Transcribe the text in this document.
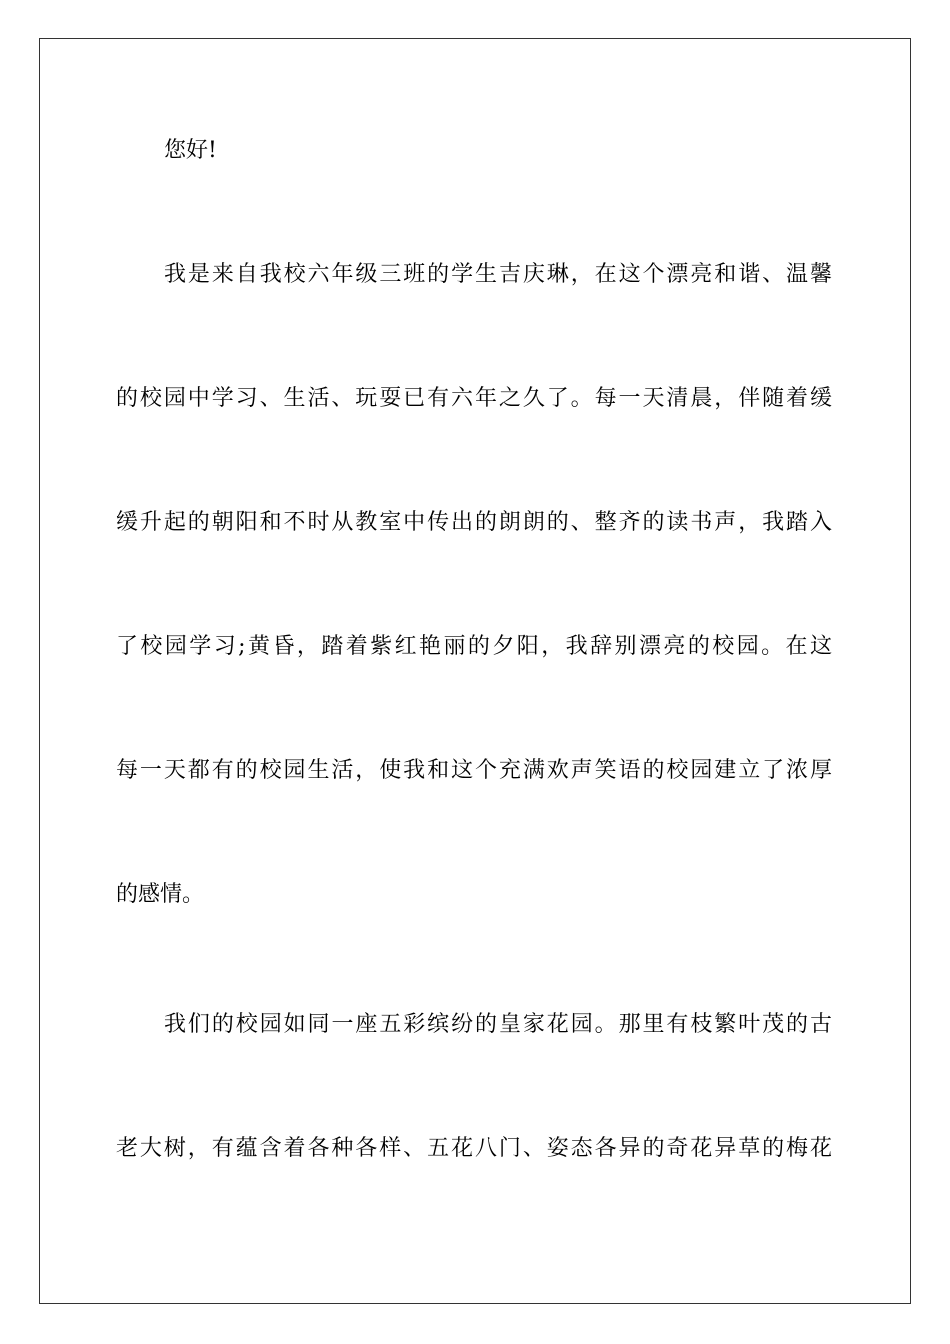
您好!
我是来自我校六年级三班的学生吉庆琳，在这个漂亮和谐、温馨
的校园中学习、生活、玩耍已有六年之久了。每一天清晨，伴随着缓
缓升起的朝阳和不时从教室中传出的朗朗的、整齐的读书声，我踏入
了校园学习;黄昏，踏着紫红艳丽的夕阳，我辞别漂亮的校园。在这
每一天都有的校园生活，使我和这个充满欢声笑语的校园建立了浓厚
的感情。
我们的校园如同一座五彩缤纷的皇家花园。那里有枝繁叶茂的古
老大树，有蕴含着各种各样、五花八门、姿态各异的奇花异草的梅花
